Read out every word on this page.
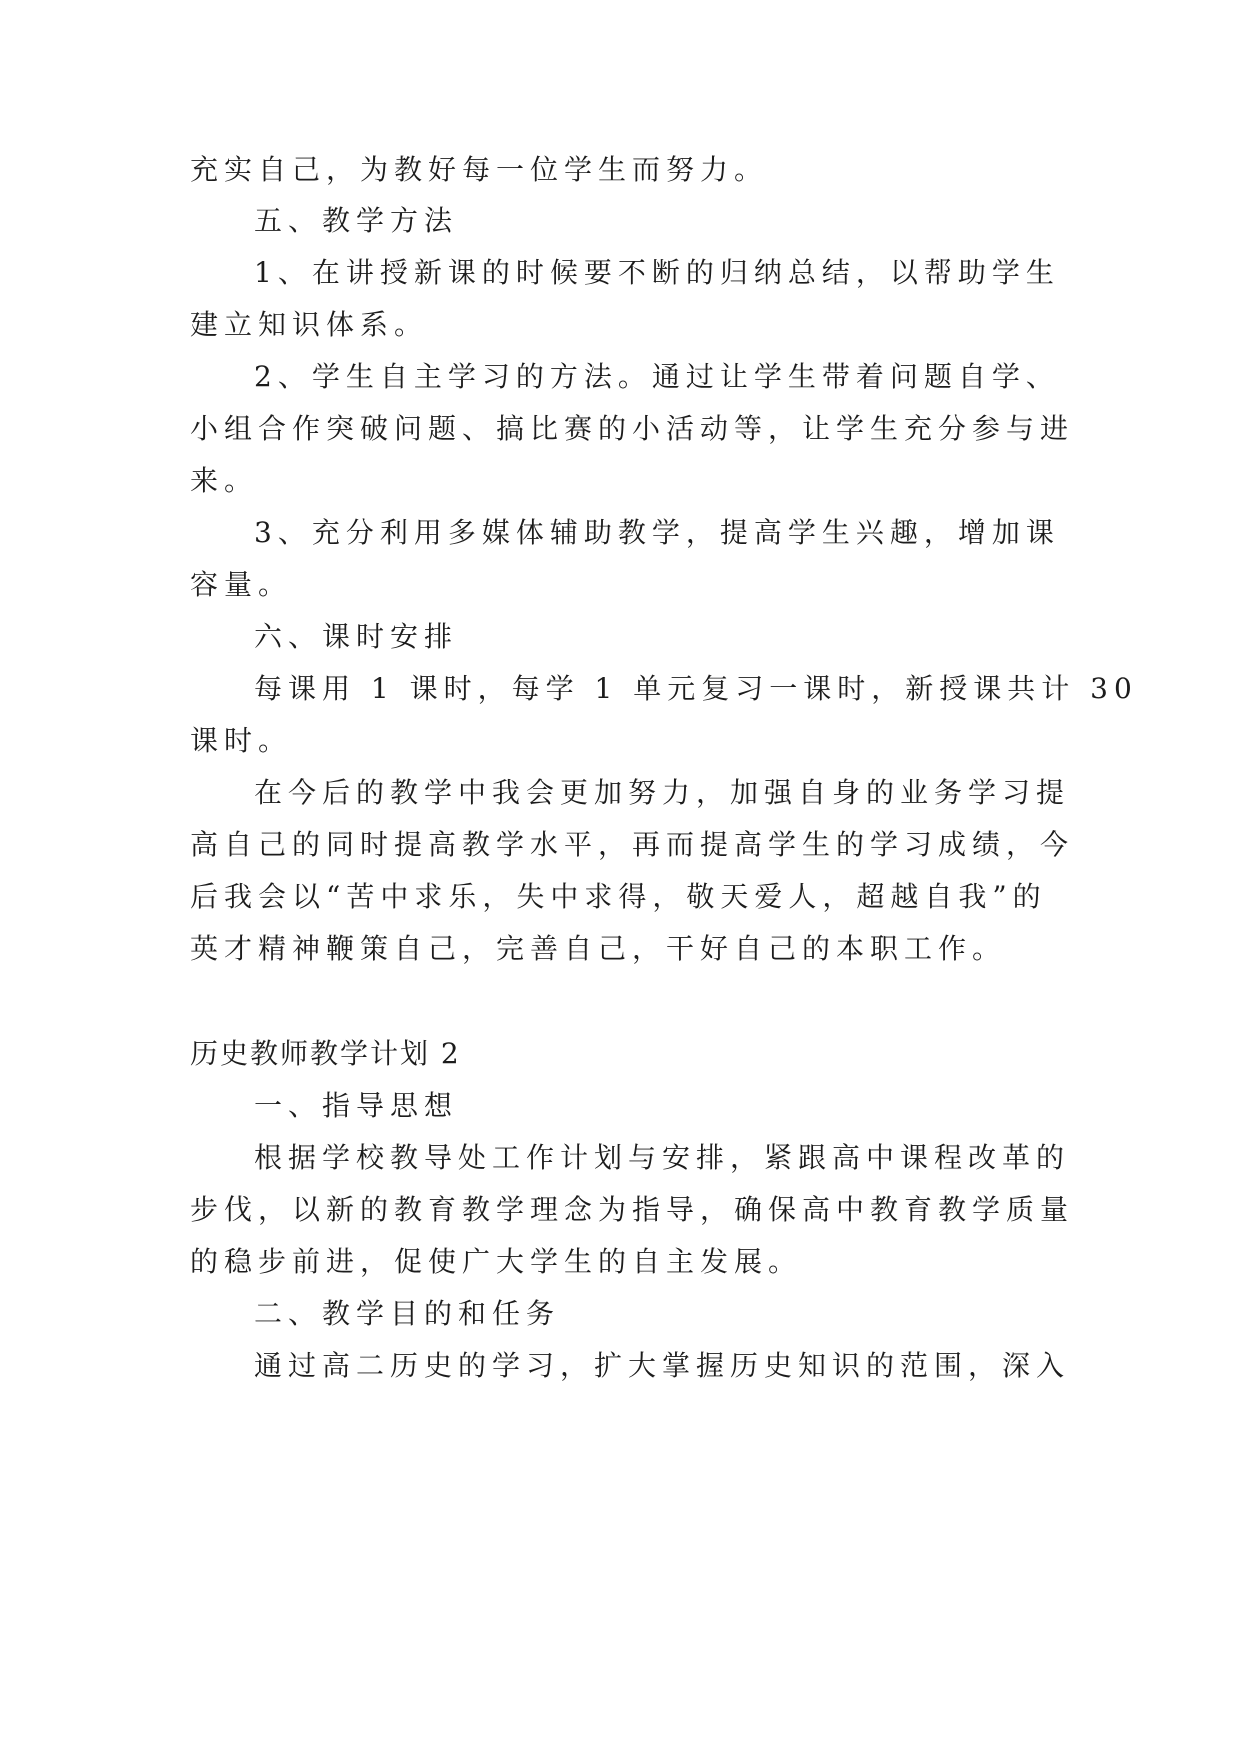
充实自己，为教好每一位学生而努力。
五、教学方法
1、在讲授新课的时候要不断的归纳总结，以帮助学生
建立知识体系。
2、学生自主学习的方法。通过让学生带着问题自学、
小组合作突破问题、搞比赛的小活动等，让学生充分参与进
来。
3、充分利用多媒体辅助教学，提高学生兴趣，增加课
容量。
六、课时安排
每课用 1 课时，每学 1 单元复习一课时，新授课共计 30
课时。
在今后的教学中我会更加努力，加强自身的业务学习提
高自己的同时提高教学水平，再而提高学生的学习成绩，今
后我会以“苦中求乐，失中求得，敬天爱人，超越自我”的
英才精神鞭策自己，完善自己，干好自己的本职工作。
历史教师教学计划 2
一、指导思想
根据学校教导处工作计划与安排，紧跟高中课程改革的
步伐，以新的教育教学理念为指导，确保高中教育教学质量
的稳步前进，促使广大学生的自主发展。
二、教学目的和任务
通过高二历史的学习，扩大掌握历史知识的范围，深入
